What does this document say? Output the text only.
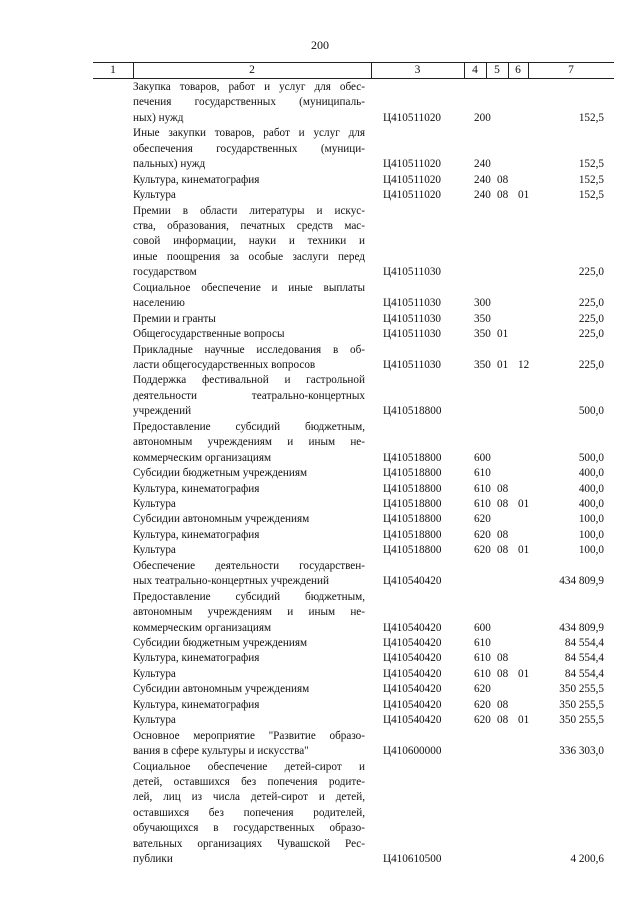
200
1	2	3	4	5	6	7
Закупка товаров, работ и услуг для обес-
печения государственных (муниципаль-
ных) нужд	Ц410511020	200	152,5
Иные закупки товаров, работ и услуг для
обеспечения государственных (муници-
пальных) нужд	Ц410511020	240	152,5
Культура, кинематография	Ц410511020	240 08	152,5
Культура	Ц410511020	240 08 01	152,5
Премии в области литературы и искус-
ства, образования, печатных средств мас-
совой информации, науки и техники и
иные поощрения за особые заслуги перед
государством	Ц410511030	225,0
Социальное обеспечение и иные выплаты
населению	Ц410511030	300	225,0
Премии и гранты	Ц410511030	350	225,0
Общегосударственные вопросы	Ц410511030	350 01	225,0
Прикладные научные исследования в об-
ласти общегосударственных вопросов	Ц410511030	350 01 12	225,0
Поддержка фестивальной и гастрольной
деятельности театрально-концертных
учреждений	Ц410518800	500,0
Предоставление субсидий бюджетным,
автономным учреждениям и иным не-
коммерческим организациям	Ц410518800	600	500,0
Субсидии бюджетным учреждениям	Ц410518800	610	400,0
Культура, кинематография	Ц410518800	610 08	400,0
Культура	Ц410518800	610 08 01	400,0
Субсидии автономным учреждениям	Ц410518800	620	100,0
Культура, кинематография	Ц410518800	620 08	100,0
Культура	Ц410518800	620 08 01	100,0
Обеспечение деятельности государствен-
ных театрально-концертных учреждений	Ц410540420	434 809,9
Предоставление субсидий бюджетным,
автономным учреждениям и иным не-
коммерческим организациям	Ц410540420	600	434 809,9
Субсидии бюджетным учреждениям	Ц410540420	610	84 554,4
Культура, кинематография	Ц410540420	610 08	84 554,4
Культура	Ц410540420	610 08 01	84 554,4
Субсидии автономным учреждениям	Ц410540420	620	350 255,5
Культура, кинематография	Ц410540420	620 08	350 255,5
Культура	Ц410540420	620 08 01	350 255,5
Основное мероприятие "Развитие образо-
вания в сфере культуры и искусства"	Ц410600000	336 303,0
Социальное обеспечение детей-сирот и
детей, оставшихся без попечения родите-
лей, лиц из числа детей-сирот и детей,
оставшихся без попечения родителей,
обучающихся в государственных образо-
вательных организациях Чувашской Рес-
публики	Ц410610500	4 200,6
